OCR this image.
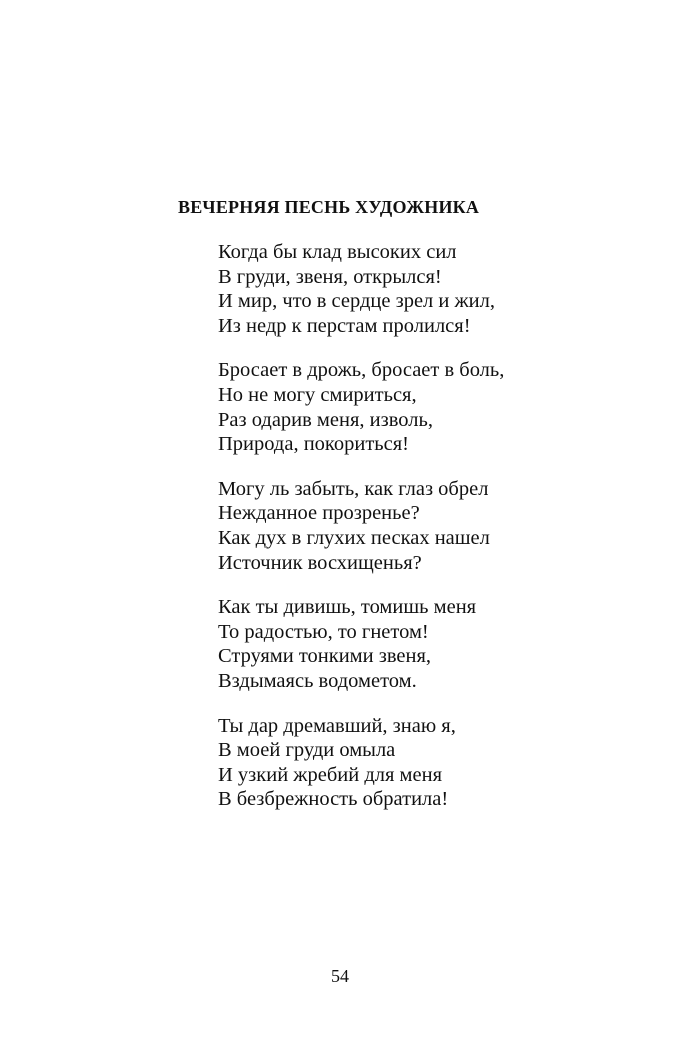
ВЕЧЕРНЯЯ ПЕСНЬ ХУДОЖНИКА
Когда бы клад высоких сил
В груди, звеня, открылся!
И мир, что в сердце зрел и жил,
Из недр к перстам пролился!
Бросает в дрожь, бросает в боль,
Но не могу смириться,
Раз одарив меня, изволь,
Природа, покориться!
Могу ль забыть, как глаз обрел
Нежданное прозренье?
Как дух в глухих песках нашел
Источник восхищенья?
Как ты дивишь, томишь меня
То радостью, то гнетом!
Струями тонкими звеня,
Вздымаясь водометом.
Ты дар дремавший, знаю я,
В моей груди омыла
И узкий жребий для меня
В безбрежность обратила!

54
